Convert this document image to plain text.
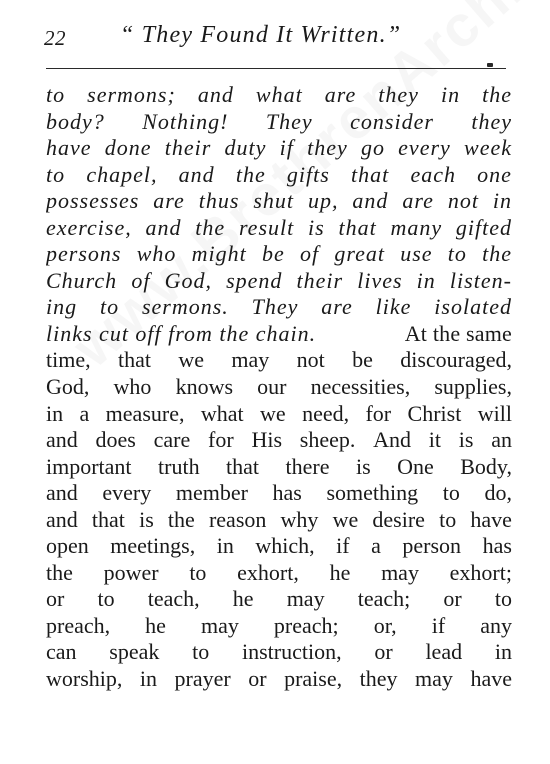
22 “ They Found It Written.”
to sermons; and what are they in the
body? Nothing! They consider they
have done their duty if they go every week
to chapel, and the gifts that each one
possesses are thus shut up, and are not in
exercise, and the result is that many gifted
persons who might be of great use to the
Church of God, spend their lives in listen-
ing to sermons. They are like isolated
links cut off from the chain.	At the same
time, that we may not be discouraged,
God, who knows our necessities, supplies,
in a measure, what we need, for Christ will
and does care for His sheep. And it is an
important truth that there is One Body,
and every member has something to do,
and that is the reason why we desire to have
open meetings, in which, if a person has
the power to exhort, he may exhort;
or to teach, he may teach; or to
preach, he may preach; or, if any
can speak to instruction, or lead in
worship, in prayer or praise, they may have
